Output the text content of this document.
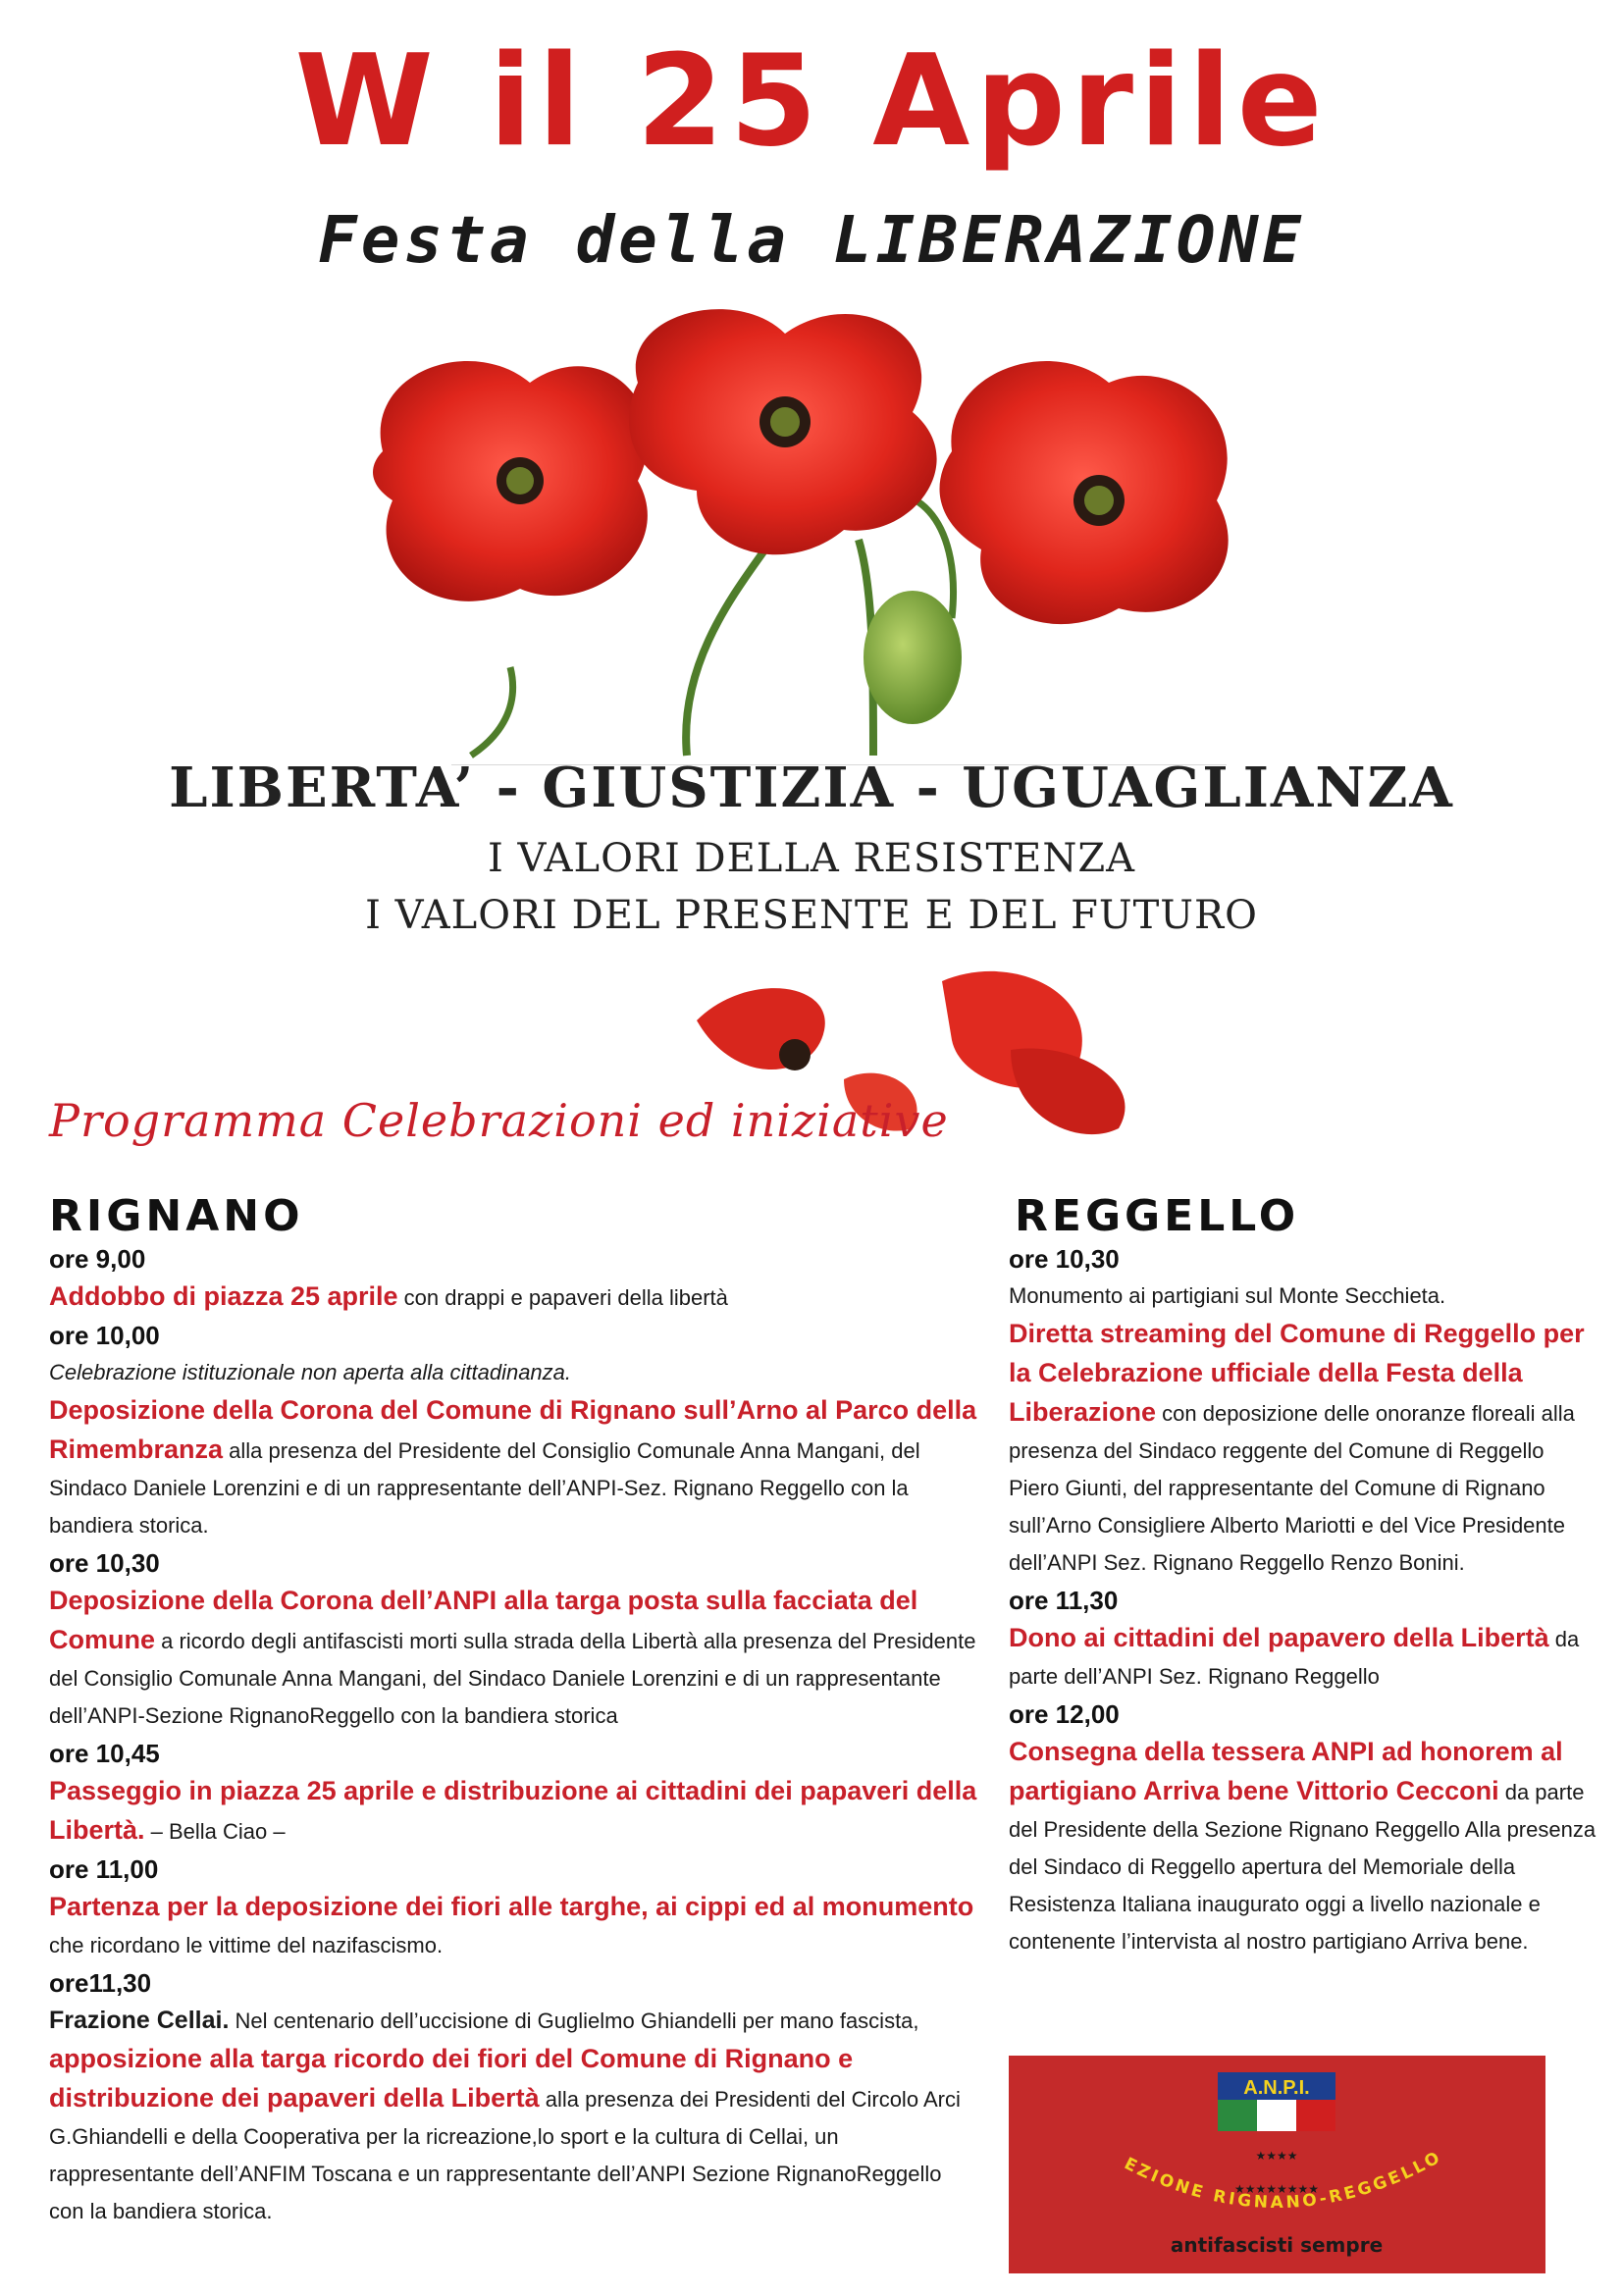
W il 25 Aprile
Festa della LIBERAZIONE
LIBERTA’ - GIUSTIZIA - UGUAGLIANZA
I VALORI DELLA RESISTENZA
I VALORI DEL PRESENTE E DEL FUTURO
Programma Celebrazioni ed iniziative
RIGNANO
ore 9,00

Addobbo di piazza 25 aprile con drappi e papaveri della libertà

ore 10,00

Celebrazione istituzionale non aperta alla cittadinanza.

Deposizione della Corona del Comune di Rignano sull’Arno al Parco della Rimembranza alla presenza del Presidente del Consiglio Comunale Anna Mangani, del Sindaco Daniele Lorenzini e di un rappresentante dell’ANPI-Sez. Rignano Reggello con la bandiera storica.

ore 10,30

Deposizione della Corona dell’ANPI alla targa posta sulla facciata del Comune a ricordo degli antifascisti morti sulla strada della Libertà alla presenza del Presidente del Consiglio Comunale Anna Mangani, del Sindaco Daniele Lorenzini e di un rappresentante dell’ANPI-Sezione RignanoReggello con la bandiera storica

ore 10,45

Passeggio in piazza 25 aprile e distribuzione ai cittadini dei papaveri della Libertà. – Bella Ciao –

ore 11,00

Partenza per la deposizione dei fiori alle targhe, ai cippi ed al monumento che ricordano le vittime del nazifascismo.

ore11,30

Frazione Cellai. Nel centenario dell’uccisione di Guglielmo Ghiandelli per mano fascista, apposizione alla targa ricordo dei fiori del Comune di Rignano e distribuzione dei papaveri della Libertà alla presenza dei Presidenti del Circolo Arci G.Ghiandelli e della Cooperativa per la ricreazione,lo sport e la cultura di Cellai, un rappresentante dell’ANFIM Toscana e un rappresentante dell’ANPI Sezione RignanoReggello con la bandiera storica.

REGGELLO
ore 10,30

Monumento ai partigiani sul Monte Secchieta.

Diretta streaming del Comune di Reggello per la Celebrazione ufficiale della Festa della Liberazione con deposizione delle onoranze floreali alla presenza del Sindaco reggente del Comune di Reggello Piero Giunti, del rappresentante del Comune di Rignano sull’Arno Consigliere Alberto Mariotti e del Vice Presidente dell’ANPI Sez. Rignano Reggello Renzo Bonini.

ore 11,30

Dono ai cittadini del papavero della Libertà da parte dell’ANPI Sez. Rignano Reggello

ore 12,00

Consegna della tessera ANPI ad honorem al partigiano Arriva bene Vittorio Cecconi da parte del Presidente della Sezione Rignano Reggello Alla presenza del Sindaco di Reggello apertura del Memoriale della Resistenza Italiana inaugurato oggi a livello nazionale e contenente l’intervista al nostro partigiano Arriva bene.

A.N.P.I.
★★★★
EZIONE RIGNANO-REGGELLO
★★★★★★★★
antifascisti sempre
